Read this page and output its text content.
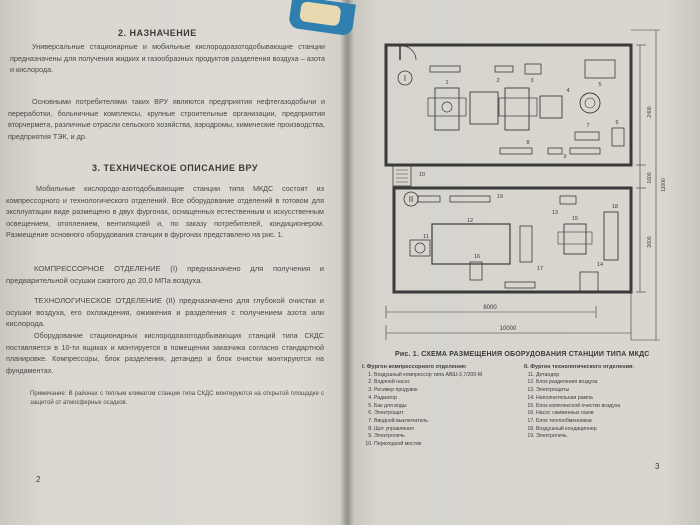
2. НАЗНАЧЕНИЕ
Универсальные стационарные и мобильные кислородоазотодобывающие станции предназначены для получения жидких и газообразных продуктов разделения воздуха – азота и кислорода.
Основными потребителями таких ВРУ являются предприятия нефтегазодобычи и переработки, больничные комплексы, крупные строительные организации, предприятия вторчермета, различные отрасли сельского хозяйства, аэродромы, химические производства, предприятия ТЭК, и др.
3. ТЕХНИЧЕСКОЕ ОПИСАНИЕ ВРУ
Мобильные кислородо-азотодобывающие станции типа МКДС состоят из компрессорного и технологического отделений. Все оборудование отделений в готовом для эксплуатации виде размещено в двух фургонах, оснащенных естественным и искусственным освещением, отоплением, вентиляцией и, по заказу потребителей, кондиционером. Размещение основного оборудования станции в фургонах представлено на рис. 1.
КОМПРЕССОРНОЕ ОТДЕЛЕНИЕ (I) предназначено для получения и предварительной осушки сжатого до 20,0 МПа воздуха.
ТЕХНОЛОГИЧЕСКОЕ ОТДЕЛЕНИЕ (II) предназначено для глубокой очистки и осушки воздуха, его охлаждения, ожижения и разделения с получением азота или кислорода.
Оборудование стационарных кислородоазотодобывающих станций типа СКДС поставляется в 10-ти ящиках и монтируется в помещении заказчика согласно стандартной планировке. Компрессоры, блок разделения, детандер и блок очистки монтируются на фундаментах.
Примечание: В районах с теплым климатом станции типа СКДС монтируются на открытой площадке с защитой от атмосферных осадков.
2
I
II
6000
10000
2400
1600
2600
11000
1	2	3
4
5
6
7
8
9
10
11
12
13
14
15
16
17
18
19
Рис. 1. СХЕМА РАЗМЕЩЕНИЯ ОБОРУДОВАНИЯ СТАНЦИИ ТИПА МКДС
I. Фургон компрессорного отделения:
1. Воздушный компрессор типа АВШ-3,7/200-М
2. Водяной насос
3. Ресивер продувок
4. Радиатор
5. Бак для воды
6. Электрощит
7. Вводной выключатель
8. Щит управления
9. Электропечь
10. Переходной мостик
II. Фургон технологического отделения:
11. Детандер
12. Блок разделения воздуха
13. Электрощиты
14. Наполнительная рампа
15. Блок комплексной очистки воздуха
16. Насос сжиженных газов
17. Блок теплообменников
18. Воздушный кондиционер
19. Электропечь
3
